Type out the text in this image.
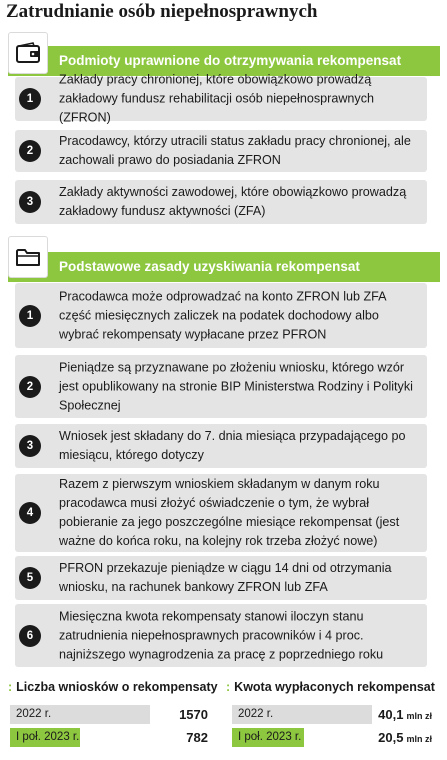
Zatrudnianie osób niepełnosprawnych
Podmioty uprawnione do otrzymywania rekompensat
1
Zakłady pracy chronionej, które obowiązkowo prowadzą zakładowy fundusz rehabilitacji osób niepełnosprawnych (ZFRON)
2
Pracodawcy, którzy utracili status zakładu pracy chronionej, ale zachowali prawo do posiadania ZFRON
3
Zakłady aktywności zawodowej, które obowiązkowo prowadzą zakładowy fundusz aktywności (ZFA)
Podstawowe zasady uzyskiwania rekompensat
1
Pracodawca może odprowadzać na konto ZFRON lub ZFA część miesięcznych zaliczek na podatek dochodowy albo wybrać rekompensaty wypłacane przez PFRON
2
Pieniądze są przyznawane po złożeniu wniosku, którego wzór jest opublikowany na stronie BIP Ministerstwa Rodziny i Polityki Społecznej
3
Wniosek jest składany do 7. dnia miesiąca przypadającego po miesiącu, którego dotyczy
4
Razem z pierwszym wnioskiem składanym w danym roku pracodawca musi złożyć oświadczenie o tym, że wybrał pobieranie za jego poszczególne miesiące rekompensat (jest ważne do końca roku, na kolejny rok trzeba złożyć nowe)
5
PFRON przekazuje pieniądze w ciągu 14 dni od otrzymania wniosku, na rachunek bankowy ZFRON lub ZFA
6
Miesięczna kwota rekompensaty stanowi iloczyn stanu zatrudnienia niepełnosprawnych pracowników i 4 proc. najniższego wynagrodzenia za pracę z poprzedniego roku
: Liczba wniosków o rekompensaty
2022 r.	1570
I poł. 2023 r.	782
: Kwota wypłaconych rekompensat
2022 r.	40,1 mln zł
I poł. 2023 r.	20,5 mln zł
